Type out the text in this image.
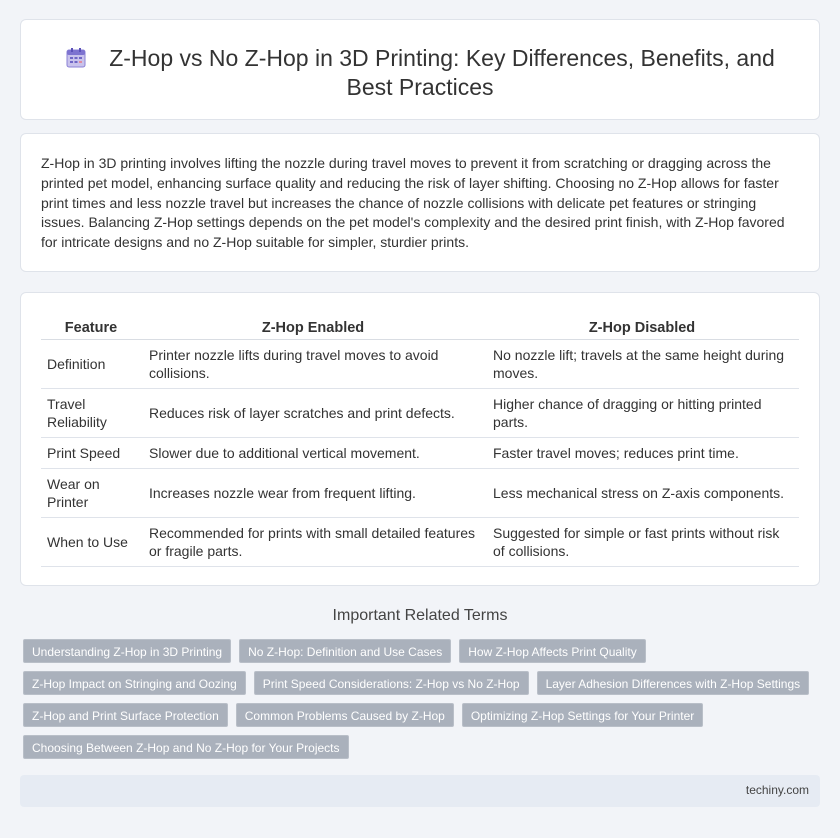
Z-Hop vs No Z-Hop in 3D Printing: Key Differences, Benefits, and Best Practices

Z-Hop in 3D printing involves lifting the nozzle during travel moves to prevent it from scratching or dragging across the printed pet model, enhancing surface quality and reducing the risk of layer shifting. Choosing no Z-Hop allows for faster print times and less nozzle travel but increases the chance of nozzle collisions with delicate pet features or stringing issues. Balancing Z-Hop settings depends on the pet model's complexity and the desired print finish, with Z-Hop favored for intricate designs and no Z-Hop suitable for simpler, sturdier prints.

Feature	Z-Hop Enabled	Z-Hop Disabled
Definition	Printer nozzle lifts during travel moves to avoid collisions.	No nozzle lift; travels at the same height during moves.
Travel Reliability	Reduces risk of layer scratches and print defects.	Higher chance of dragging or hitting printed parts.
Print Speed	Slower due to additional vertical movement.	Faster travel moves; reduces print time.
Wear on Printer	Increases nozzle wear from frequent lifting.	Less mechanical stress on Z-axis components.
When to Use	Recommended for prints with small detailed features or fragile parts.	Suggested for simple or fast prints without risk of collisions.
Important Related Terms
Understanding Z-Hop in 3D Printing	No Z-Hop: Definition and Use Cases	How Z-Hop Affects Print Quality
Z-Hop Impact on Stringing and Oozing	Print Speed Considerations: Z-Hop vs No Z-Hop	Layer Adhesion Differences with Z-Hop Settings
Z-Hop and Print Surface Protection	Common Problems Caused by Z-Hop	Optimizing Z-Hop Settings for Your Printer
Choosing Between Z-Hop and No Z-Hop for Your Projects
techiny.com
